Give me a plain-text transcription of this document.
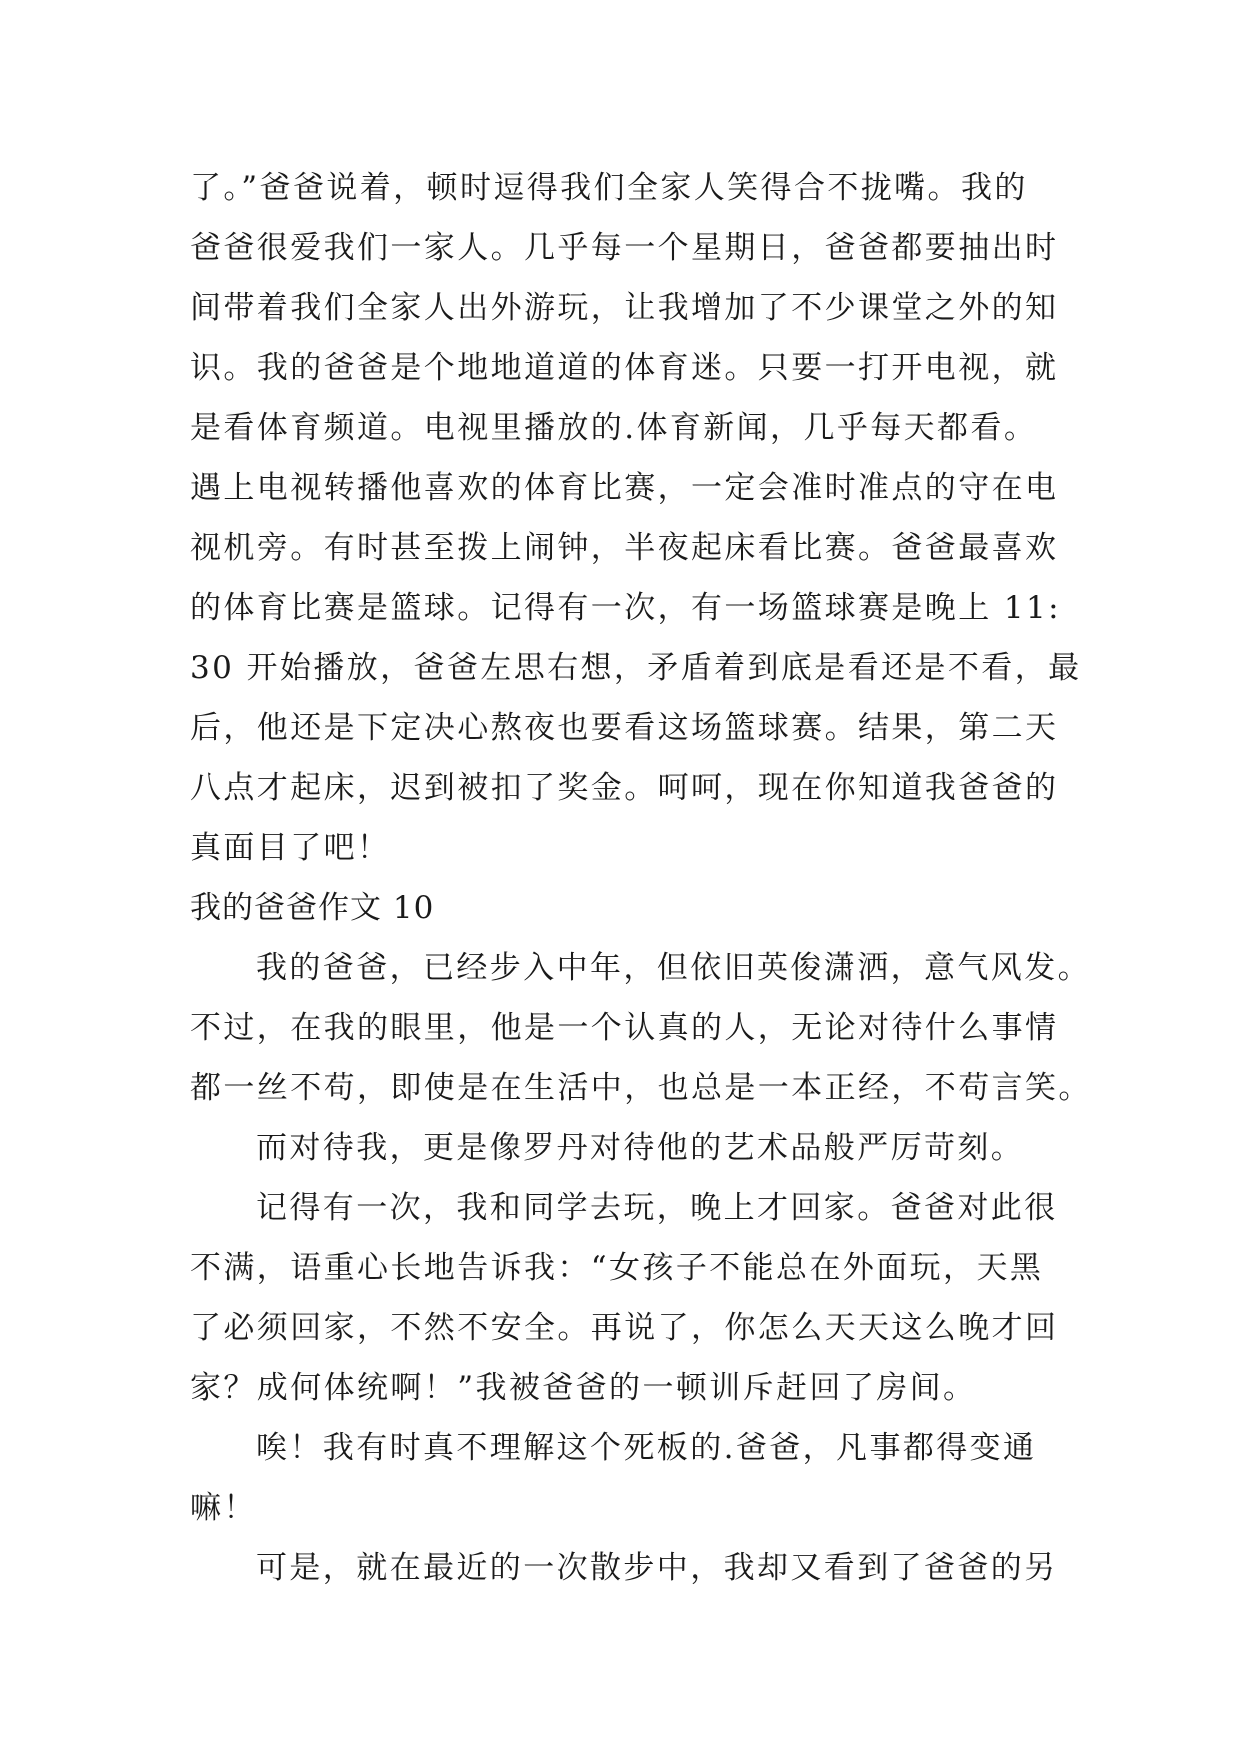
了。”爸爸说着，顿时逗得我们全家人笑得合不拢嘴。我的
爸爸很爱我们一家人。几乎每一个星期日，爸爸都要抽出时
间带着我们全家人出外游玩，让我增加了不少课堂之外的知
识。我的爸爸是个地地道道的体育迷。只要一打开电视，就
是看体育频道。电视里播放的.体育新闻，几乎每天都看。
遇上电视转播他喜欢的体育比赛，一定会准时准点的守在电
视机旁。有时甚至拨上闹钟，半夜起床看比赛。爸爸最喜欢
的体育比赛是篮球。记得有一次，有一场篮球赛是晚上 11:
30 开始播放，爸爸左思右想，矛盾着到底是看还是不看，最
后，他还是下定决心熬夜也要看这场篮球赛。结果，第二天
八点才起床，迟到被扣了奖金。呵呵，现在你知道我爸爸的
真面目了吧！
我的爸爸作文 10
我的爸爸，已经步入中年，但依旧英俊潇洒，意气风发。
不过，在我的眼里，他是一个认真的人，无论对待什么事情
都一丝不苟，即使是在生活中，也总是一本正经，不苟言笑。
而对待我，更是像罗丹对待他的艺术品般严厉苛刻。
记得有一次，我和同学去玩，晚上才回家。爸爸对此很
不满，语重心长地告诉我：“女孩子不能总在外面玩，天黑
了必须回家，不然不安全。再说了，你怎么天天这么晚才回
家？成何体统啊！”我被爸爸的一顿训斥赶回了房间。
唉！我有时真不理解这个死板的.爸爸，凡事都得变通
嘛！
可是，就在最近的一次散步中，我却又看到了爸爸的另
